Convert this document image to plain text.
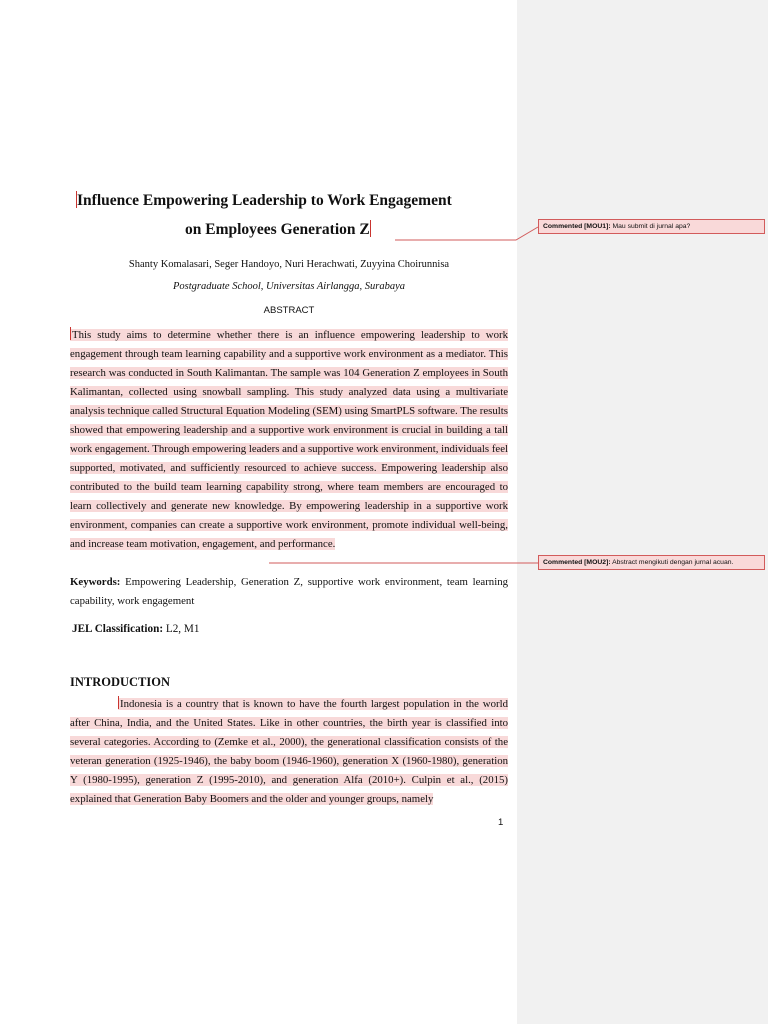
Influence Empowering Leadership to Work Engagement
on Employees Generation Z
Shanty Komalasari, Seger Handoyo, Nuri Herachwati, Zuyyina Choirunnisa
Postgraduate School, Universitas Airlangga, Surabaya
ABSTRACT
This study aims to determine whether there is an influence empowering leadership to work engagement through team learning capability and a supportive work environment as a mediator. This research was conducted in South Kalimantan. The sample was 104 Generation Z employees in South Kalimantan, collected using snowball sampling. This study analyzed data using a multivariate analysis technique called Structural Equation Modeling (SEM) using SmartPLS software. The results showed that empowering leadership and a supportive work environment is crucial in building a tall work engagement. Through empowering leaders and a supportive work environment, individuals feel supported, motivated, and sufficiently resourced to achieve success. Empowering leadership also contributed to the build team learning capability strong, where team members are encouraged to learn collectively and generate new knowledge. By empowering leadership in a supportive work environment, companies can create a supportive work environment, promote individual well-being, and increase team motivation, engagement, and performance.
Keywords: Empowering Leadership, Generation Z, supportive work environment, team learning capability, work engagement
JEL Classification: L2, M1
INTRODUCTION
Indonesia is a country that is known to have the fourth largest population in the world after China, India, and the United States. Like in other countries, the birth year is classified into several categories. According to (Zemke et al., 2000), the generational classification consists of the veteran generation (1925-1946), the baby boom (1946-1960), generation X (1960-1980), generation Y (1980-1995), generation Z (1995-2010), and generation Alfa (2010+). Culpin et al., (2015) explained that Generation Baby Boomers and the older and younger groups, namely
1
Commented [MOU1]: Mau submit di jurnal apa?
Commented [MOU2]: Abstract mengikuti dengan jurnal acuan.
